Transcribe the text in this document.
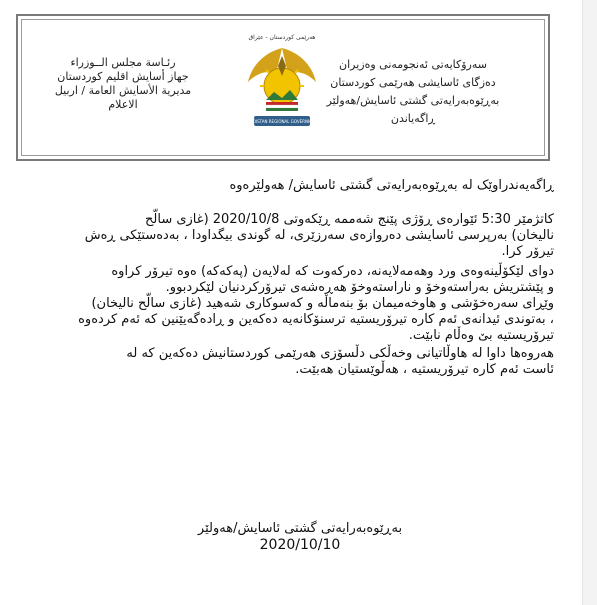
رئـاسة مجلس الــوزراء
جهاز أسايش اقليم كوردستان
مديرية الأسايش العامة / اربيل
الاعلام
هەرێمی کوردستان - عێراق
KURDISTAN REGIONAL GOVERNMENT
سەرۆکایەتی ئەنجومەنی وەزیران
دەزگای ئاسایشی هەرێمی کوردستان
بەڕێوەبەرایەتی گشتی ئاسایش/هەولێر
ڕاگەیاندن
ڕاگەیەندراوێک لە بەڕێوەبەرایەتی گشتی ئاسایش/ هەولێرەوە

کاتژمێر 5:30 ئێوارەی ڕۆژی پێنج شەممە ڕێکەوتی 2020/10/8 (غازی سالّح

نالیخان) بەرپرسی ئاسایشی دەروازەی سەرزێری، لە گوندی بیگداودا ، بەدەستێکی ڕەش

تیرۆر کرا.

دوای لێکۆڵینەوەی ورد وهەمەلایەنە، دەرکەوت کە لەلایەن (پەکەکە) ەوە تیرۆر کراوە

و پێشتریش بەراستەوخۆ و ناراستەوخۆ هەڕەشەی تیرۆرکردنیان لێکردبوو.

وێڕای سەرەخۆشی و هاوخەمیمان بۆ بنەماڵە و کەسوکاری شەهید (غازی سالّح نالیخان)

، بەتوندی ئیدانەی ئەم کارە تیرۆریستیە ترسنۆکانەیە دەکەین و ڕادەگەیێنین کە ئەم کردەوە

تیرۆریستیە بێ وەڵام نابێت.

هەروەها داوا لە هاوڵاتیانی وخەڵکی دڵسۆزی هەرێمی کوردستانیش دەکەین کە لە

ئاست ئەم کارە تیرۆریستیە ، هەڵوێستیان هەبێت.

بەڕێوەبەرایەتی گشتی ئاسایش/هەولێر
2020/10/10
